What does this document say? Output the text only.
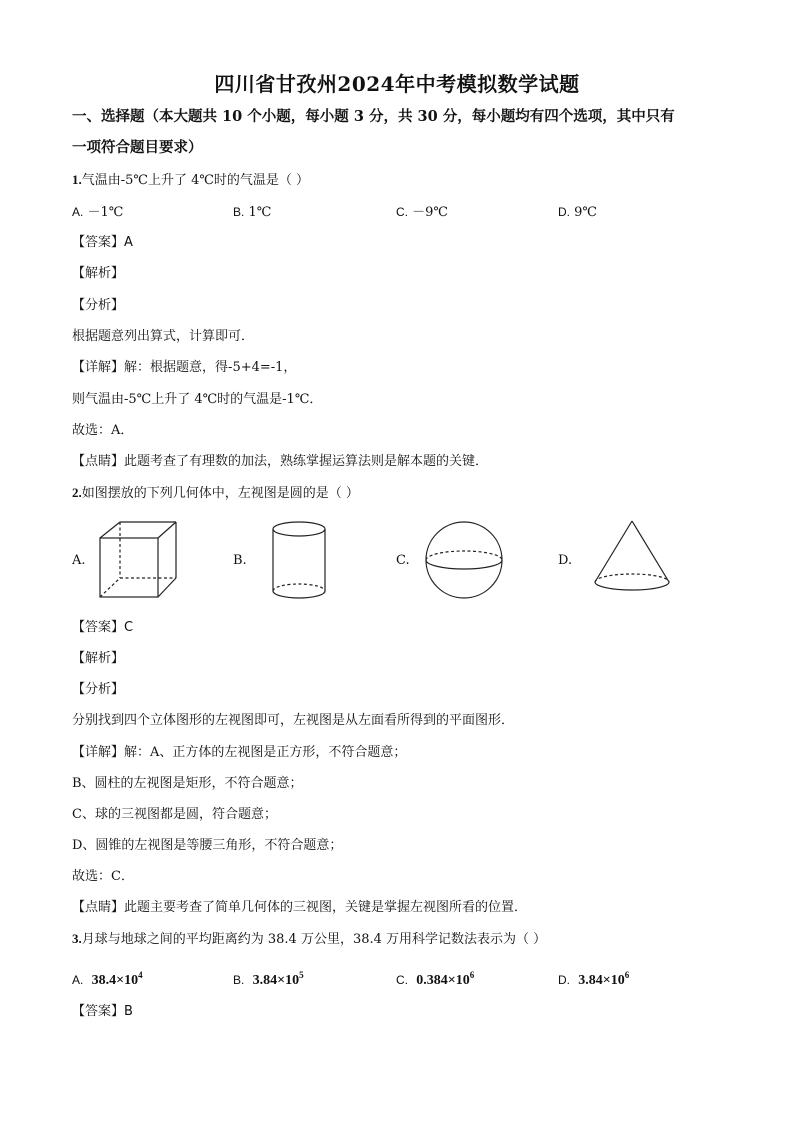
四川省甘孜州2024年中考模拟数学试题
一、选择题（本大题共 10 个小题，每小题 3 分，共 30 分，每小题均有四个选项，其中只有
一项符合题目要求）
1.气温由-5℃上升了 4℃时的气温是（ ）
A. －1℃	B. 1℃	C. －9℃	D. 9℃
【答案】A
【解析】
【分析】
根据题意列出算式，计算即可．
【详解】解：根据题意，得-5+4=-1，
则气温由-5℃上升了 4℃时的气温是-1℃．
故选：A．
【点睛】此题考查了有理数的加法，熟练掌握运算法则是解本题的关键．
2.如图摆放的下列几何体中，左视图是圆的是（ ）
A.	B.	C.	D.
【答案】C
【解析】
【分析】
分别找到四个立体图形的左视图即可，左视图是从左面看所得到的平面图形．
【详解】解：A、正方体的左视图是正方形，不符合题意；
B、圆柱的左视图是矩形，不符合题意；
C、球的三视图都是圆，符合题意；
D、圆锥的左视图是等腰三角形，不符合题意；
故选：C．
【点睛】此题主要考查了简单几何体的三视图，关键是掌握左视图所看的位置．
3.月球与地球之间的平均距离约为 38.4 万公里，38.4 万用科学记数法表示为（ ）
A. $38.4\times 10^4$	B. $3.84\times 10^5$	C. $0.384\times 10^6$	D. $3.84\times 10^6$
【答案】B
